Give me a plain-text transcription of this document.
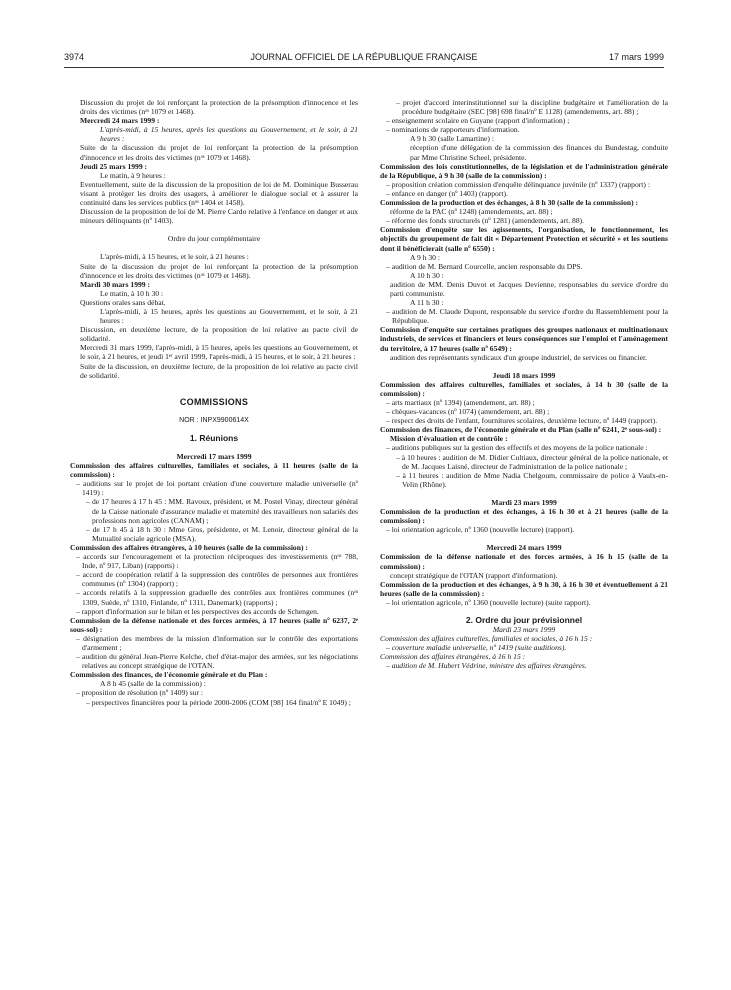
3974	JOURNAL OFFICIEL DE LA RÉPUBLIQUE FRANÇAISE	17 mars 1999

Discussion du projet de loi renforçant la protection de la présomption d'innocence et les droits des victimes (nᵒˢ 1079 et 1468).

Mercredi 24 mars 1999 :

L'après-midi, à 15 heures, après les questions au Gouvernement, et le soir, à 21 heures :

Suite de la discussion du projet de loi renforçant la protection de la présomption d'innocence et les droits des victimes (nᵒˢ 1079 et 1468).

Jeudi 25 mars 1999 :

Le matin, à 9 heures :

Eventuellement, suite de la discussion de la proposition de loi de M. Dominique Busserau visant à protéger les droits des usagers, à améliorer le dialogue social et à assurer la continuité dans les services publics (nᵒˢ 1404 et 1458).

Discussion de la proposition de loi de M. Pierre Cardo relative à l'enfance en danger et aux mineurs délinquants (nº 1403).

Ordre du jour complémentaire

L'après-midi, à 15 heures, et le soir, à 21 heures :

Suite de la discussion du projet de loi renforçant la protection de la présomption d'innocence et les droits des victimes (nᵒˢ 1079 et 1468).

Mardi 30 mars 1999 :

Le matin, à 10 h 30 :

Questions orales sans débat.

L'après-midi, à 15 heures, après les questions au Gouvernement, et le soir, à 21 heures :

Discussion, en deuxième lecture, de la proposition de loi relative au pacte civil de solidarité.

Mercredi 31 mars 1999, l'après-midi, à 15 heures, après les questions au Gouvernement, et le soir, à 21 heures, et jeudi 1ᵉʳ avril 1999, l'après-midi, à 15 heures, et le soir, à 21 heures :

Suite de la discussion, en deuxième lecture, de la proposition de loi relative au pacte civil de solidarité.

COMMISSIONS

NOR : INPX9900614X

1. Réunions

Mercredi 17 mars 1999

Commission des affaires culturelles, familiales et sociales, à 11 heures (salle de la commission) :

– auditions sur le projet de loi portant création d'une couverture maladie universelle (nº 1419) :

– de 17 heures à 17 h 45 : MM. Ravoux, président, et M. Postel Vinay, directeur général de la Caisse nationale d'assurance maladie et maternité des travailleurs non salariés des professions non agricoles (CANAM) ;

– de 17 h 45 à 18 h 30 : Mme Gros, présidente, et M. Lenoir, directeur général de la Mutualité sociale agricole (MSA).

Commission des affaires étrangères, à 10 heures (salle de la commission) :

– accords sur l'encouragement et la protection réciproques des investissements (nᵒˢ 788, Inde, nº 917, Liban) (rapports) :

– accord de coopération relatif à la suppression des contrôles de personnes aux frontières communes (nº 1304) (rapport) ;

– accords relatifs à la suppression graduelle des contrôles aux frontières communes (nᵒˢ 1309, Suède, nº 1310, Finlande, nº 1311, Danemark) (rapports) ;

– rapport d'information sur le bilan et les perspectives des accords de Schengen.

Commission de la défense nationale et des forces armées, à 17 heures (salle nº 6237, 2ᵉ sous-sol) :

– désignation des membres de la mission d'information sur le contrôle des exportations d'armement ;

– audition du général Jean-Pierre Kelche, chef d'état-major des armées, sur les négociations relatives au concept stratégique de l'OTAN.

Commission des finances, de l'économie générale et du Plan :

A 8 h 45 (salle de la commission) :

– proposition de résolution (nº 1409) sur :

– perspectives financières pour la période 2000-2006 (COM [98] 164 final/nº E 1049) ;

– projet d'accord interinstitutionnel sur la discipline budgétaire et l'amélioration de la procédure budgétaire (SEC [98] 698 final/nº E 1128) (amendements, art. 88) ;

– enseignement scolaire en Guyane (rapport d'information) ;

– nominations de rapporteurs d'information.

A 9 h 30 (salle Lamartine) :

réception d'une délégation de la commission des finances du Bundestag, conduite par Mme Christine Scheel, présidente.

Commission des lois constitutionnelles, de la législation et de l'administration générale de la République, à 9 h 30 (salle de la commission) :

– proposition création commission d'enquête délinquance juvénile (nº 1337) (rapport) :

– enfance en danger (nº 1403) (rapport).

Commission de la production et des échanges, à 8 h 30 (salle de la commission) :

réforme de la PAC (nº 1248) (amendements, art. 88) ;

– réforme des fonds structurels (nº 1281) (amendements, art. 88).

Commission d'enquête sur les agissements, l'organisation, le fonctionnement, les objectifs du groupement de fait dit « Département Protection et sécurité » et les soutiens dont il bénéficierait (salle nº 6550) :

A 9 h 30 :

– audition de M. Bernard Courcelle, ancien responsable du DPS.

A 10 h 30 :

audition de MM. Denis Duvot et Jacques Devienne, responsables du service d'ordre du parti communiste.

A 11 h 30 :

– audition de M. Claude Dupont, responsable du service d'ordre du Rassemblement pour la République.

Commission d'enquête sur certaines pratiques des groupes nationaux et multinationaux industriels, de services et financiers et leurs conséquences sur l'emploi et l'aménagement du territoire, à 17 heures (salle nº 6549) :

audition des représentants syndicaux d'un groupe industriel, de services ou financier.

Jeudi 18 mars 1999

Commission des affaires culturelles, familiales et sociales, à 14 h 30 (salle de la commission) :

– arts martiaux (nº 1394) (amendement, art. 88) ;

– chèques-vacances (nº 1074) (amendement, art. 88) ;

– respect des droits de l'enfant, fournitures scolaires, deuxième lecture, nº 1449 (rapport).

Commission des finances, de l'économie générale et du Plan (salle nº 6241, 2ᵉ sous-sol) :

Mission d'évaluation et de contrôle :

– auditions publiques sur la gestion des effectifs et des moyens de la police nationale :

– à 10 heures : audition de M. Didier Cultiaux, directeur général de la police nationale, et de M. Jacques Laisné, directeur de l'administration de la police nationale ;

– à 11 heures : audition de Mme Nadia Chelgoum, commissaire de police à Vaulx-en-Velin (Rhône).

Mardi 23 mars 1999

Commission de la production et des échanges, à 16 h 30 et à 21 heures (salle de la commission) :

– loi orientation agricole, nº 1360 (nouvelle lecture) (rapport).

Mercredi 24 mars 1999

Commission de la défense nationale et des forces armées, à 16 h 15 (salle de la commission) :

concept stratégique de l'OTAN (rapport d'information).

Commission de la production et des échanges, à 9 h 30, à 16 h 30 et éventuellement à 21 heures (salle de la commission) :

– loi orientation agricole, nº 1360 (nouvelle lecture) (suite rapport).

2. Ordre du jour prévisionnel

Mardi 23 mars 1999

Commission des affaires culturelles, familiales et sociales, à 16 h 15 :

– couverture maladie universelle, nº 1419 (suite auditions).

Commission des affaires étrangères, à 16 h 15 :

– audition de M. Hubert Védrine, ministre des affaires étrangères.
